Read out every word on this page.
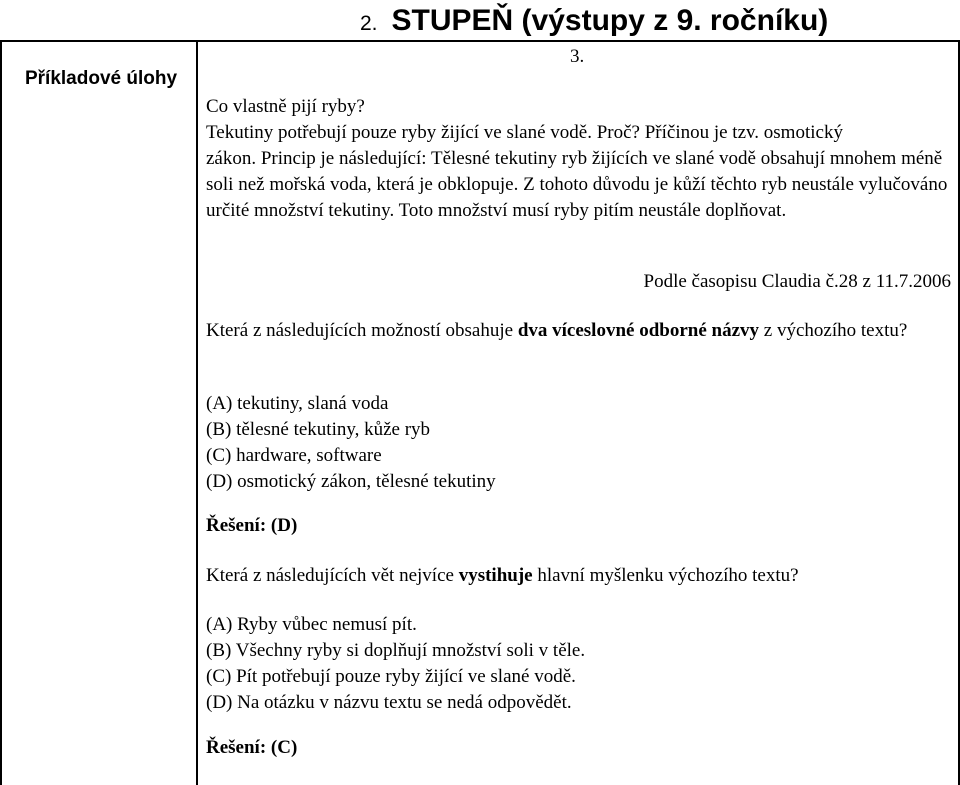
2. STUPEŇ (výstupy z 9. ročníku)
Příkladové úlohy
3.

Co vlastně pijí ryby?

Tekutiny potřebují pouze ryby žijící ve slané vodě. Proč? Příčinou je tzv. osmotický

zákon. Princip je následující: Tělesné tekutiny ryb žijících ve slané vodě obsahují mnohem méně soli než mořská voda, která je obklopuje. Z tohoto důvodu je kůží těchto ryb neustále vylučováno určité množství tekutiny. Toto množství musí ryby pitím neustále doplňovat.

Podle časopisu Claudia č.28 z 11.7.2006
Která z následujících možností obsahuje dva víceslovné odborné názvy z výchozího textu?
(A) tekutiny, slaná voda
(B) tělesné tekutiny, kůže ryb
(C) hardware, software
(D) osmotický zákon, tělesné tekutiny
Řešení: (D)
Která z následujících vět nejvíce vystihuje hlavní myšlenku výchozího textu?
(A) Ryby vůbec nemusí pít.
(B) Všechny ryby si doplňují množství soli v těle.
(C) Pít potřebují pouze ryby žijící ve slané vodě.
(D) Na otázku v názvu textu se nedá odpovědět.
Řešení: (C)
